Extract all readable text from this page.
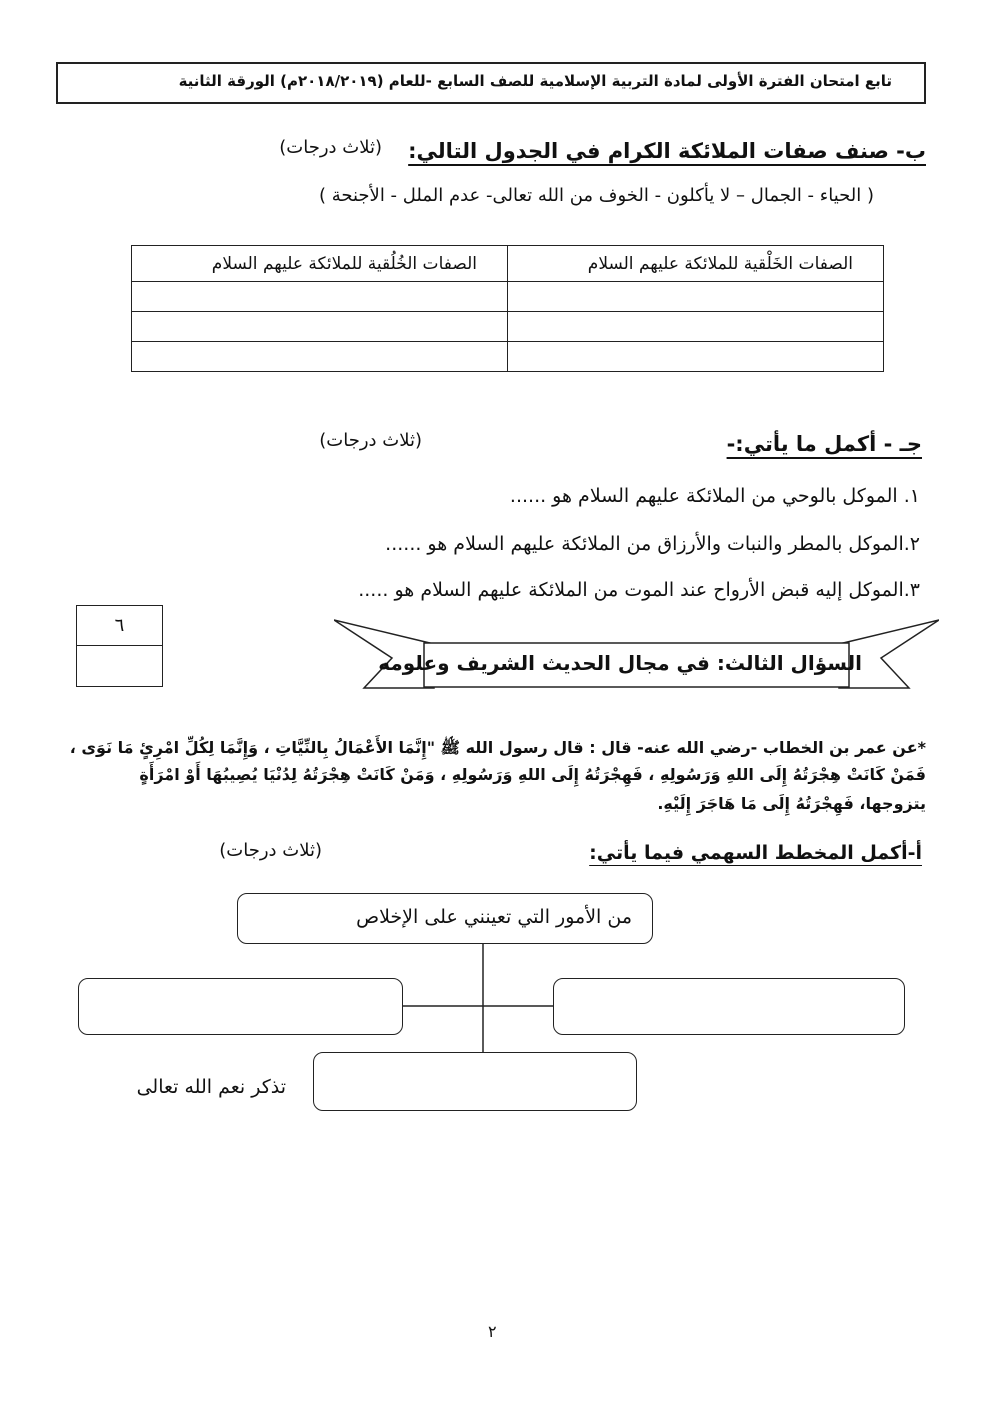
تابع امتحان الفترة الأولى لمادة التربية الإسلامية للصف السابع -للعام (٢٠١٨/٢٠١٩م) الورقة الثانية
ب- صنف صفات الملائكة الكرام في الجدول التالي:
(ثلاث درجات)
( الحياء - الجمال – لا يأكلون - الخوف من الله تعالى- عدم الملل - الأجنحة )
الصفات الخَلْقية للملائكة عليهم السلام	الصفات الخُلُقية للملائكة عليهم السلام

جـ - أكمل ما يأتي:-
(ثلاث درجات)
١. الموكل بالوحي من الملائكة عليهم السلام هو ......
٢.الموكل بالمطر والنبات والأرزاق من الملائكة عليهم السلام هو ......
٣.الموكل إليه قبض الأرواح عند الموت من الملائكة عليهم السلام هو .....
٦
السؤال الثالث: في مجال الحديث الشريف وعلومه
*عن عمر بن الخطاب -رضي الله عنه- قال : قال رسول الله ﷺ "إِنَّمَا الأَعْمَالُ بِالنِّيَّاتِ ، وَإِنَّمَا لِكُلِّ امْرِئٍ مَا نَوَى ،
فَمَنْ كَانَتْ هِجْرَتُهُ إِلَى اللهِ وَرَسُولِهِ ، فَهِجْرَتُهُ إِلَى اللهِ وَرَسُولِهِ ، وَمَنْ كَانَتْ هِجْرَتُهُ لِدُنْيَا يُصِيبُهَا أَوْ امْرَأَةٍ
يتزوجها، فَهِجْرَتُهُ إِلَى مَا هَاجَرَ إِلَيْهِ.
أ-أكمل المخطط السهمي فيما يأتي:
(ثلاث درجات)
من الأمور التي تعينني على الإخلاص
تذكر نعم الله تعالى
٢
